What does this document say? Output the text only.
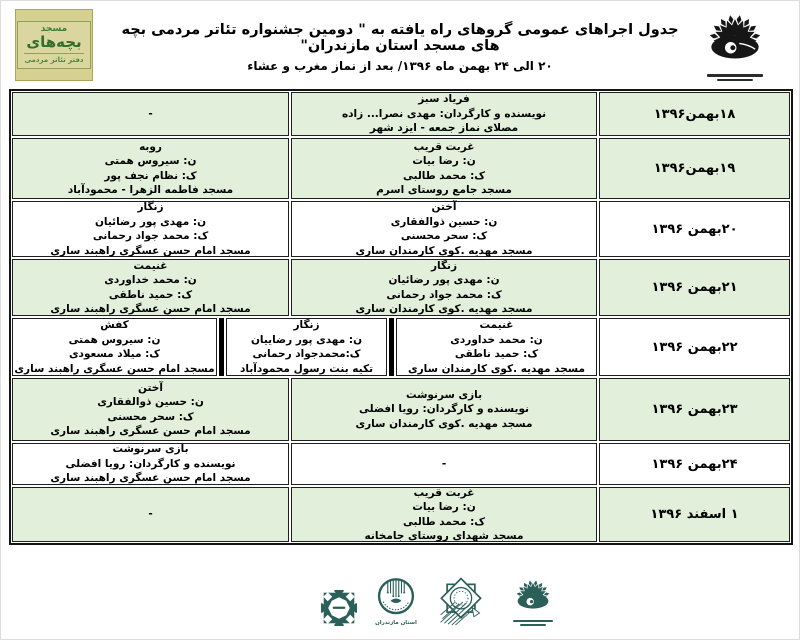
مسجد
بچه‌های
دفتر تئاتر مردمی
جدول اجراهای عمومی گروهای راه یافته به " دومین جشنواره تئاتر مردمی بچه های مسجد استان مازندران"
۲۰ الی ۲۴ بهمن ماه ۱۳۹۶/ بعد از نماز مغرب و عشاء
۱۸بهمن۱۳۹۶
فریاد سبز
نویسنده و کارگردان: مهدی نصرا... زاده
مصلای نماز جمعه - ایزد شهر
-
۱۹بهمن۱۳۹۶
غربت قریب
ن: رضا بیات
ک: محمد طالبی
مسجد جامع روستای اسرم
روبه
ن: سیروس همتی
ک: نظام نجف پور
مسجد فاطمه الزهرا - محمودآباد
۲۰بهمن ۱۳۹۶
آختن
ن: حسین ذوالفقاری
ک: سحر محسنی
مسجد مهدیه .کوی کارمندان ساری
زنگار
ن: مهدی پور رضائیان
ک: محمد جواد رحمانی
مسجد امام حسن عسگری راهبند ساری
۲۱بهمن ۱۳۹۶
زنگار
ن: مهدی پور رضائیان
ک: محمد جواد رحمانی
مسجد مهدیه .کوی کارمندان ساری
غنیمت
ن: محمد خداوردی
ک: حمید ناطقی
مسجد امام حسن عسگری راهبند ساری
۲۲بهمن ۱۳۹۶
غنیمت
ن: محمد خداوردی
ک: حمید ناطقی
مسجد مهدیه .کوی کارمندان ساری
زنگار
ن: مهدی پور رضاییان
ک:محمدجواد رحمانی
تکیه بنت رسول محمودآباد
کفش
ن: سیروس همتی
ک: میلاد مسعودی
مسجد امام حسن عسگری راهبند ساری
۲۳بهمن ۱۳۹۶
بازی سرنوشت
نویسنده و کارگردان: رویا افضلی
مسجد مهدیه .کوی کارمندان ساری
آختن
ن: حسین ذوالفقاری
ک: سحر محسنی
مسجد امام حسن عسگری راهبند ساری
۲۴بهمن ۱۳۹۶
-
بازی سرنوشت
نویسنده و کارگردان: رویا افضلی
مسجد امام حسن عسگری راهبند ساری
۱ اسفند ۱۳۹۶
غربت قریب
ن: رضا بیات
ک: محمد طالبی
مسجد شهدای روستای جامخانه
-
استان مازندران
